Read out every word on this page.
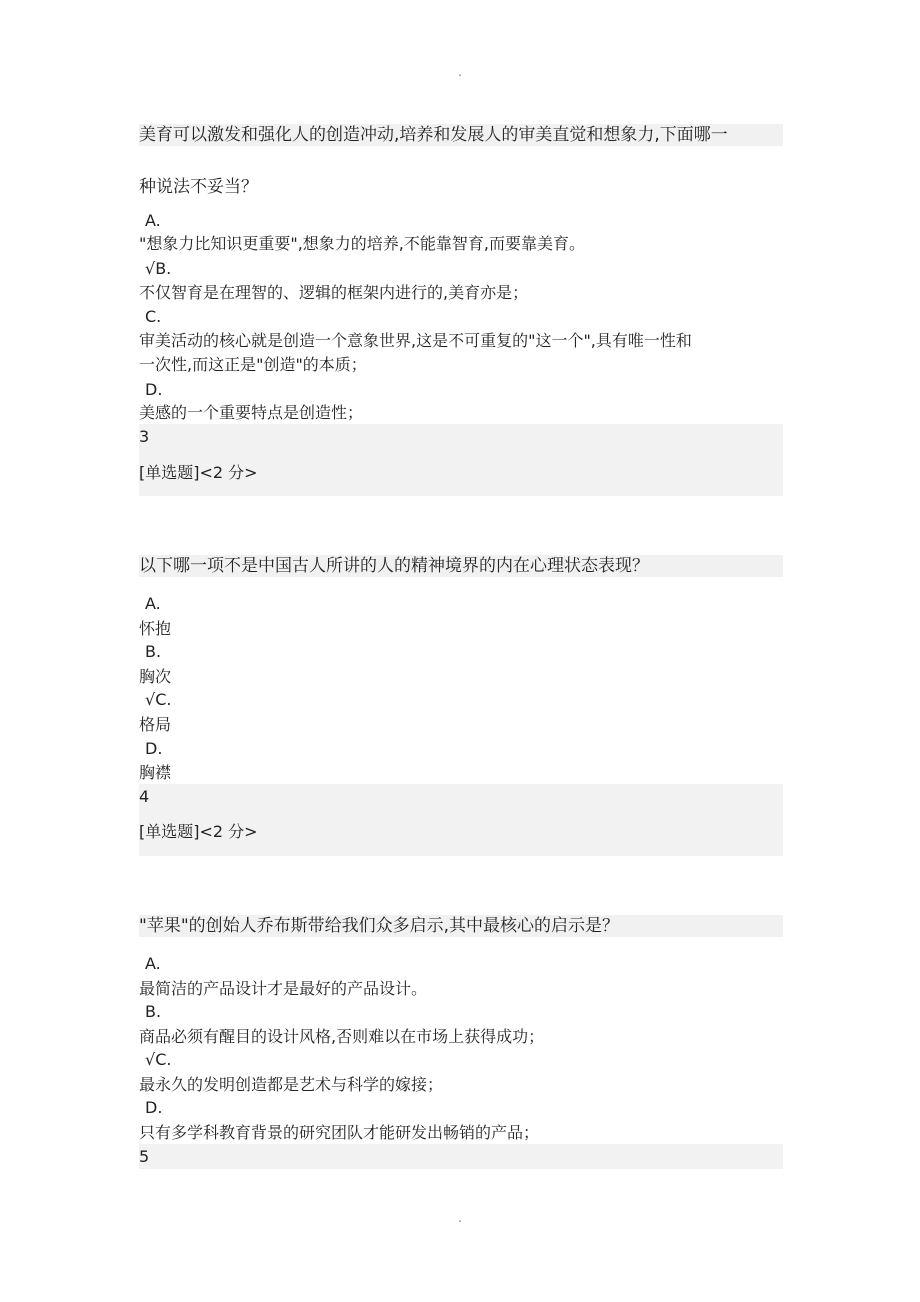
.
美育可以激发和强化人的创造冲动,培养和发展人的审美直觉和想象力,下面哪一
种说法不妥当？
A.
"想象力比知识更重要",想象力的培养,不能靠智育,而要靠美育。
√B.
不仅智育是在理智的、逻辑的框架内进行的,美育亦是；
C.
审美活动的核心就是创造一个意象世界,这是不可重复的"这一个",具有唯一性和
一次性,而这正是"创造"的本质；
D.
美感的一个重要特点是创造性；
3
[单选题]<2 分>
以下哪一项不是中国古人所讲的人的精神境界的内在心理状态表现？
A.
怀抱
B.
胸次
√C.
格局
D.
胸襟
4
[单选题]<2 分>
"苹果"的创始人乔布斯带给我们众多启示,其中最核心的启示是？
A.
最简洁的产品设计才是最好的产品设计。
B.
商品必须有醒目的设计风格,否则难以在市场上获得成功；
√C.
最永久的发明创造都是艺术与科学的嫁接；
D.
只有多学科教育背景的研究团队才能研发出畅销的产品；
5
.
